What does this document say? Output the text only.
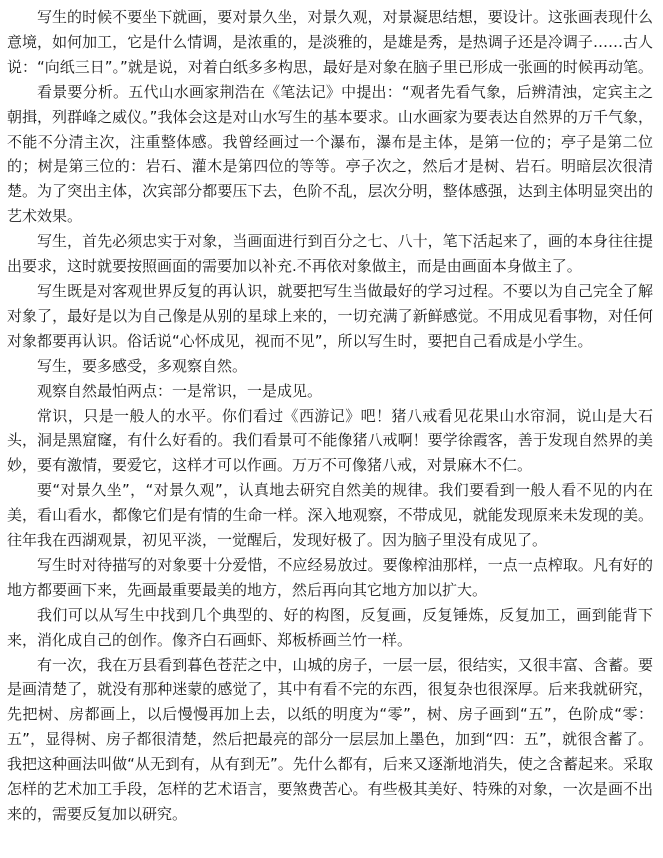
写生的时候不要坐下就画，要对景久坐，对景久观，对景凝思结想，要设计。这张画表现什么意境，如何加工，它是什么情调，是浓重的，是淡雅的，是雄是秀，是热调子还是冷调子……古人说：“向纸三日”。”就是说，对着白纸多多构思，最好是对象在脑子里已形成一张画的时候再动笔。

看景要分析。五代山水画家荆浩在《笔法记》中提出：“观者先看气象，后辨清浊，定宾主之朝揖，列群峰之威仪。”我体会这是对山水写生的基本要求。山水画家为要表达自然界的万千气象，不能不分清主次，注重整体感。我曾经画过一个瀑布，瀑布是主体，是第一位的；亭子是第二位的；树是第三位的：岩石、灌木是第四位的等等。亭子次之，然后才是树、岩石。明暗层次很清楚。为了突出主体，次宾部分都要压下去，色阶不乱，层次分明，整体感强，达到主体明显突出的艺术效果。

写生，首先必须忠实于对象，当画面进行到百分之七、八十，笔下活起来了，画的本身往往提出要求，这时就要按照画面的需要加以补充.不再依对象做主，而是由画面本身做主了。

写生既是对客观世界反复的再认识，就要把写生当做最好的学习过程。不要以为自己完全了解对象了，最好是以为自己像是从别的星球上来的，一切充满了新鲜感觉。不用成见看事物，对任何对象都要再认识。俗话说“心怀成见，视而不见”，所以写生时，要把自己看成是小学生。

写生，要多感受，多观察自然。

观察自然最怕两点：一是常识，一是成见。

常识，只是一般人的水平。你们看过《西游记》吧！猪八戒看见花果山水帘洞，说山是大石头，洞是黑窟窿，有什么好看的。我们看景可不能像猪八戒啊！要学徐霞客，善于发现自然界的美妙，要有激情，要爱它，这样才可以作画。万万不可像猪八戒，对景麻木不仁。

要“对景久坐”，“对景久观”，认真地去研究自然美的规律。我们要看到一般人看不见的内在美，看山看水，都像它们是有情的生命一样。深入地观察，不带成见，就能发现原来未发现的美。往年我在西湖观景，初见平淡，一觉醒后，发现好极了。因为脑子里没有成见了。

写生时对待描写的对象要十分爱惜，不应经易放过。要像榨油那样，一点一点榨取。凡有好的地方都要画下来，先画最重要最美的地方，然后再向其它地方加以扩大。

我们可以从写生中找到几个典型的、好的构图，反复画，反复锤炼，反复加工，画到能背下来，消化成自己的创作。像齐白石画虾、郑板桥画兰竹一样。

有一次，我在万县看到暮色苍茫之中，山城的房子，一层一层，很结实，又很丰富、含蓄。要是画清楚了，就没有那种迷蒙的感觉了，其中有看不完的东西，很复杂也很深厚。后来我就研究，先把树、房都画上，以后慢慢再加上去，以纸的明度为“零”，树、房子画到“五”，色阶成“零：五”，显得树、房子都很清楚，然后把最亮的部分一层层加上墨色，加到“四：五”，就很含蓄了。我把这种画法叫做“从无到有，从有到无”。先什么都有，后来又逐渐地消失，使之含蓄起来。采取怎样的艺术加工手段，怎样的艺术语言，要煞费苦心。有些极其美好、特殊的对象，一次是画不出来的，需要反复加以研究。
